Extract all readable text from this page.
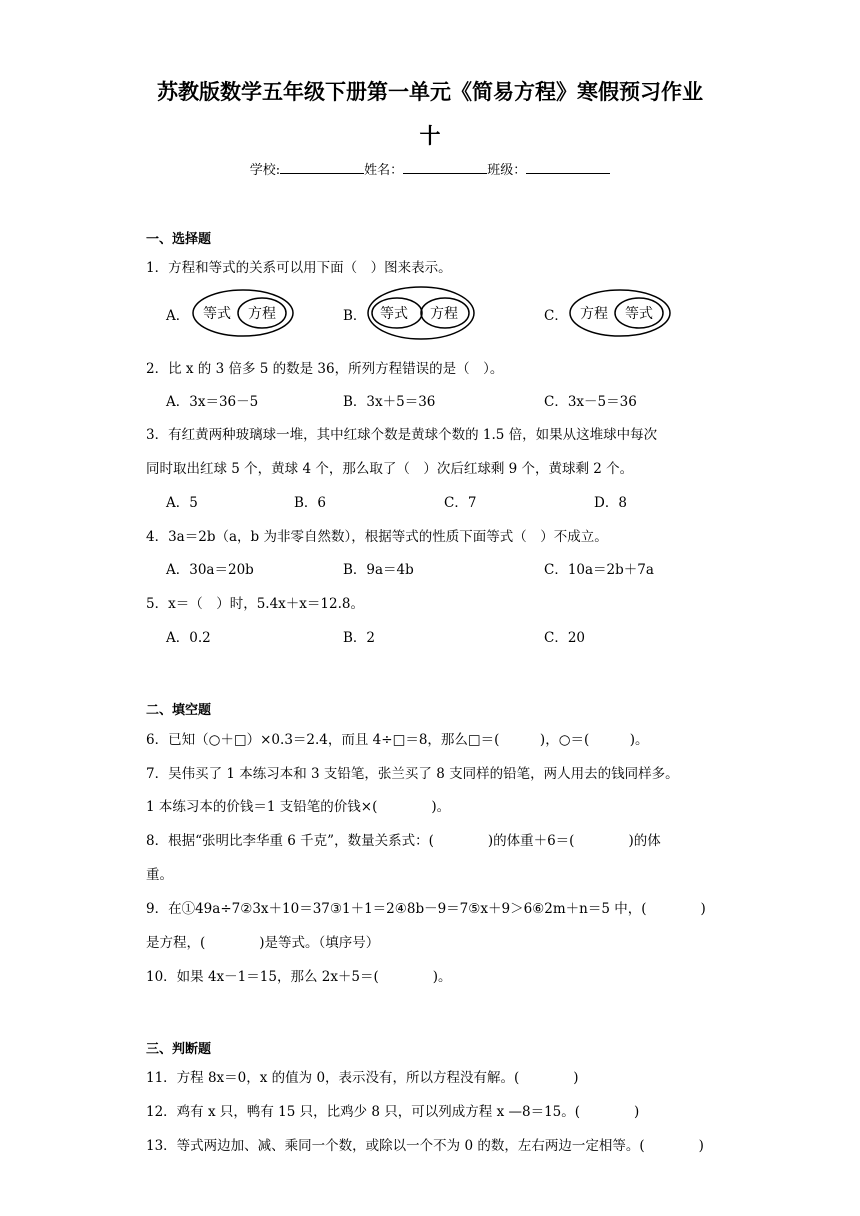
苏教版数学五年级下册第一单元《简易方程》寒假预习作业
十
学校:	姓名：	班级：
一、选择题
1．方程和等式的关系可以用下面（　）图来表示。
A． 等式 方程	B． 等式 方程	C． 方程 等式
2．比 x 的 3 倍多 5 的数是 36，所列方程错误的是（　）。
A．3x＝36－5	B．3x＋5＝36	C．3x－5＝36
3．有红黄两种玻璃球一堆，其中红球个数是黄球个数的 1.5 倍，如果从这堆球中每次
同时取出红球 5 个，黄球 4 个，那么取了（　）次后红球剩 9 个，黄球剩 2 个。
A．5	B．6	C．7	D．8
4．3a＝2b（a，b 为非零自然数），根据等式的性质下面等式（　）不成立。
A．30a＝20b	B．9a＝4b	C．10a＝2b＋7a
5．x＝（　）时，5.4x＋x＝12.8。
A．0.2	B．2	C．20
二、填空题
6．已知（○＋□）×0.3＝2.4，而且 4÷□＝8，那么□＝(　　　)，○＝(　　　)。
7．吴伟买了 1 本练习本和 3 支铅笔，张兰买了 8 支同样的铅笔，两人用去的钱同样多。
1 本练习本的价钱＝1 支铅笔的价钱×(　　　　)。
8．根据“张明比李华重 6 千克”，数量关系式：(　　　　)的体重＋6＝(　　　　)的体
重。
9．在①49a÷7②3x＋10＝37③1＋1＝2④8b－9＝7⑤x＋9＞6⑥2m＋n＝5 中，(　　　　)
是方程，(　　　　)是等式。（填序号）
10．如果 4x－1＝15，那么 2x＋5＝(　　　　)。
三、判断题
11．方程 8x＝0，x 的值为 0，表示没有，所以方程没有解。(　　　　)
12．鸡有 x 只，鸭有 15 只，比鸡少 8 只，可以列成方程 x —8＝15。(　　　　)
13．等式两边加、减、乘同一个数，或除以一个不为 0 的数，左右两边一定相等。(　　　　)
